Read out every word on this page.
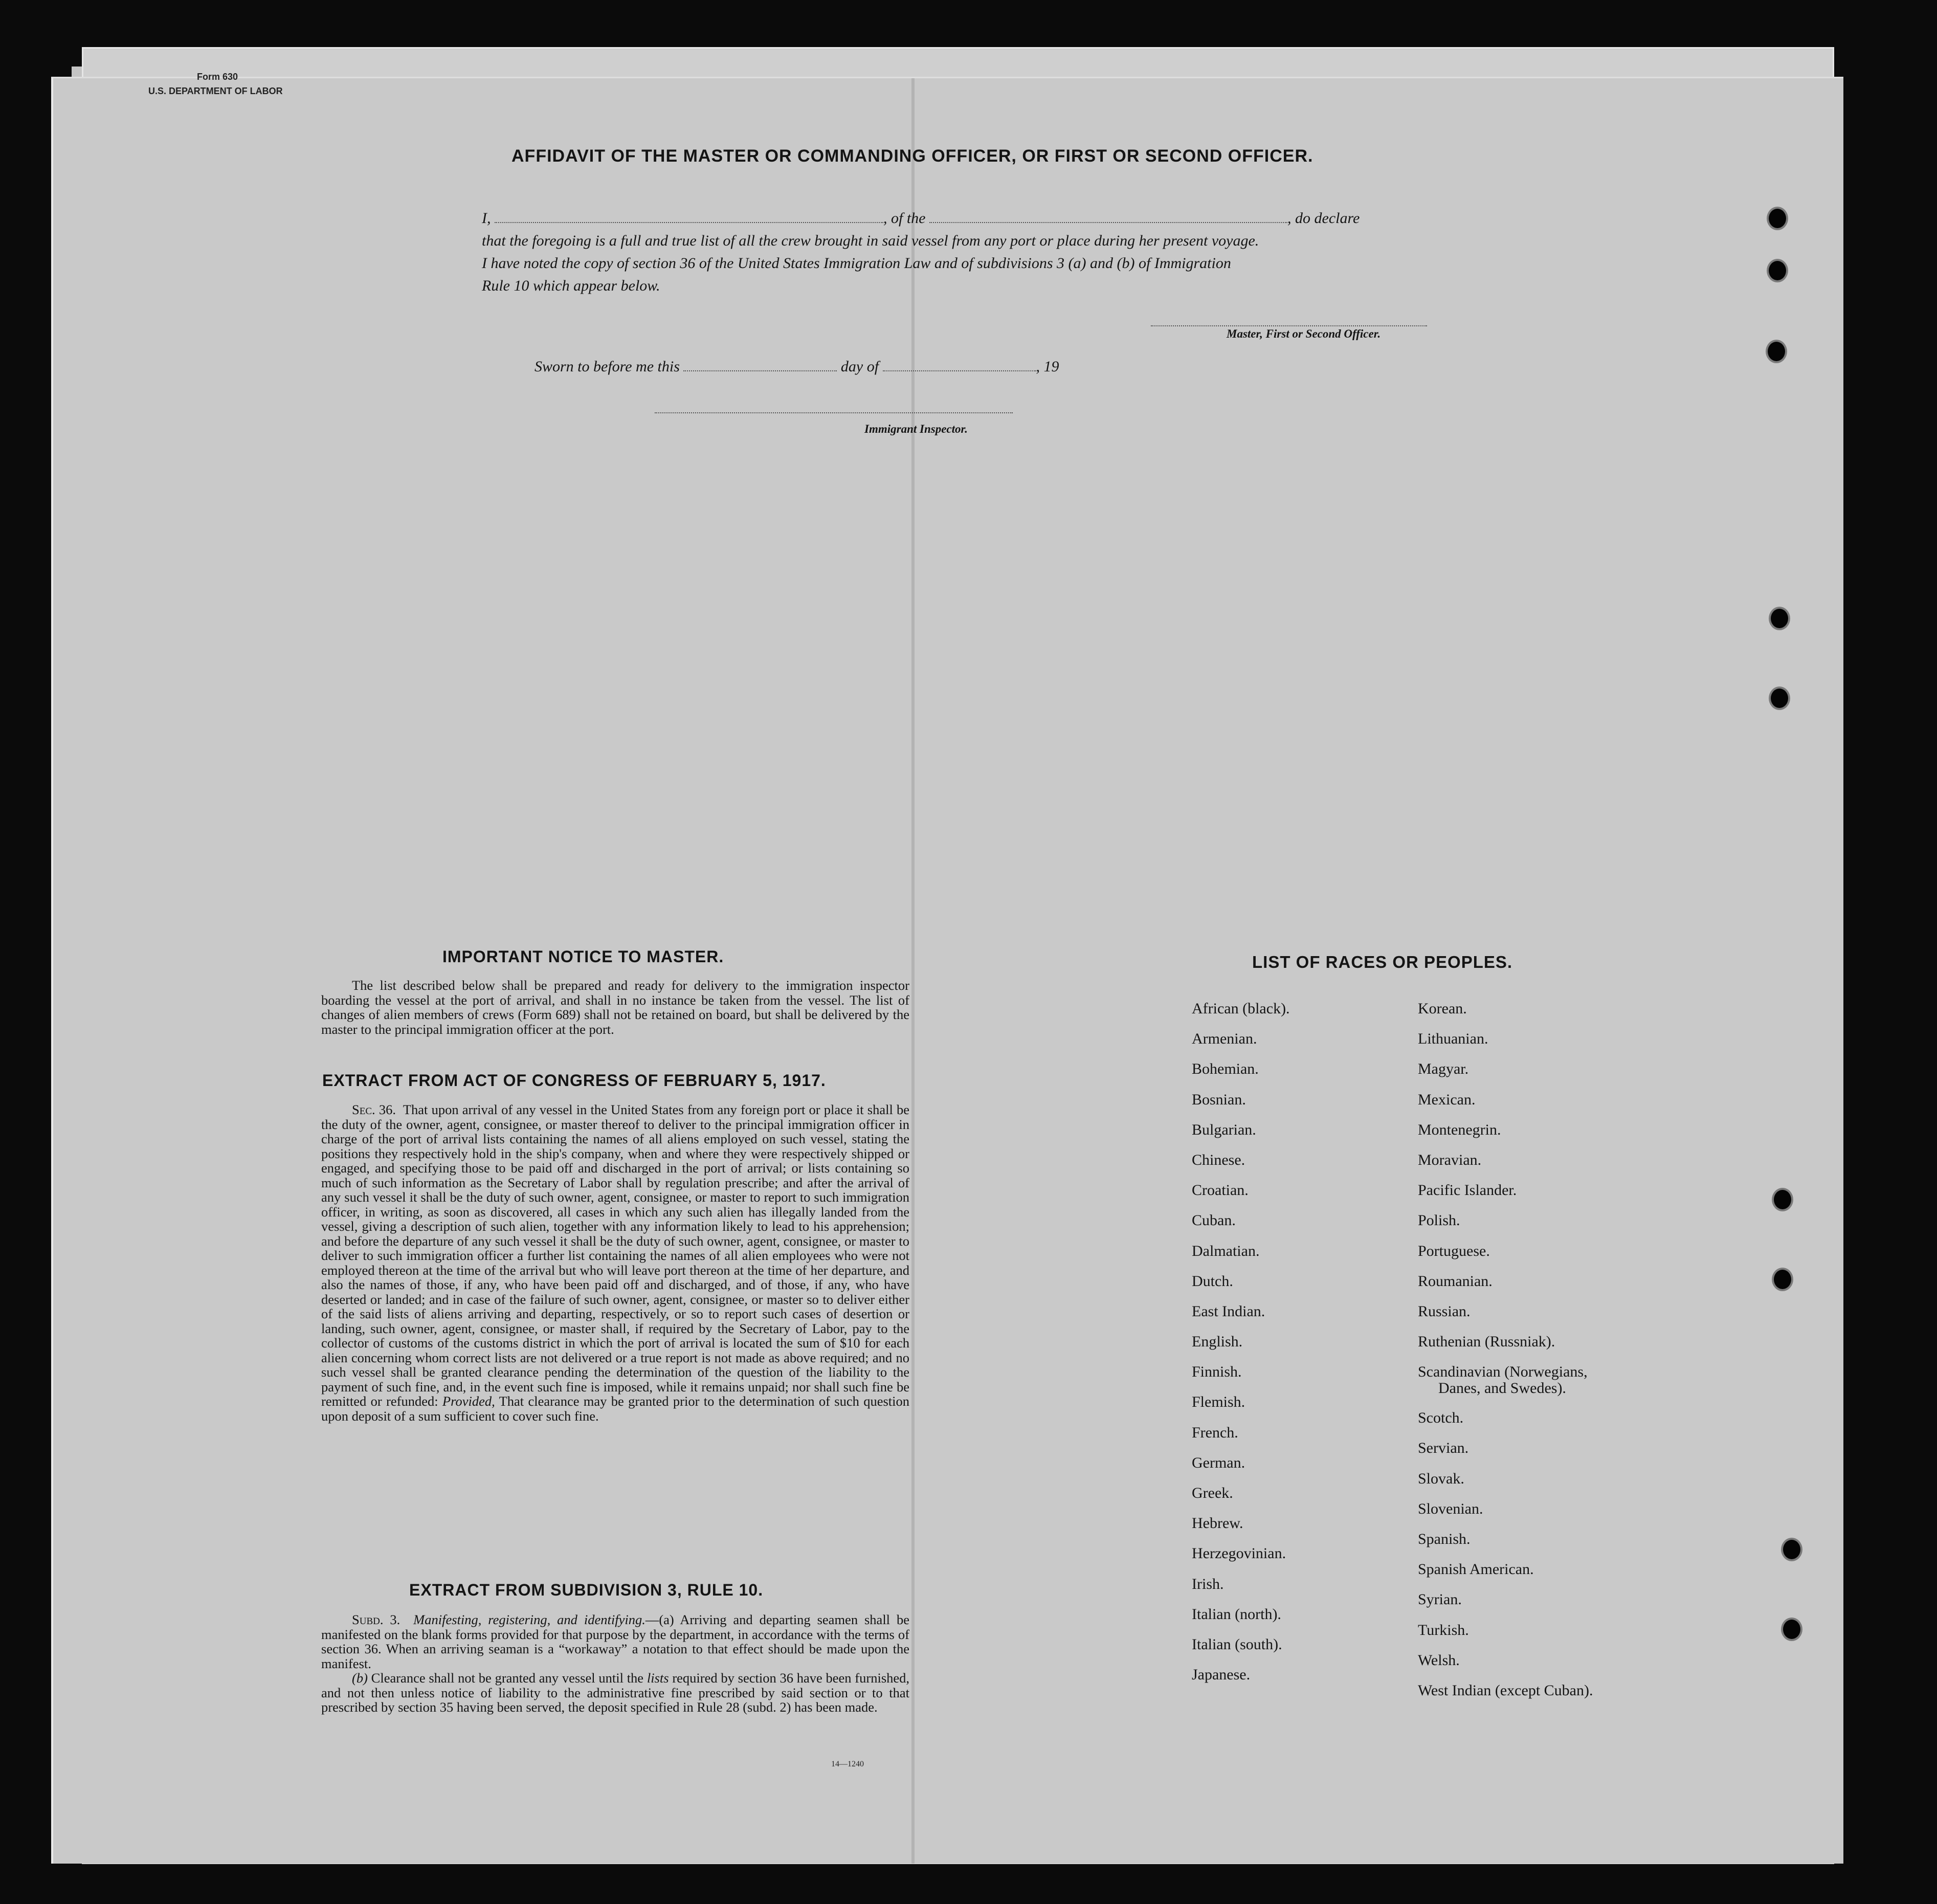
Form 630
U.S. DEPARTMENT OF LABOR
AFFIDAVIT OF THE MASTER OR COMMANDING OFFICER, OR FIRST OR SECOND OFFICER.
I,	, of the	, do declare
that the foregoing is a full and true list of all the crew brought in said vessel from any port or place during her present voyage.
I have noted the copy of section 36 of the United States Immigration Law and of subdivisions 3 (a) and (b) of Immigration
Rule 10 which appear below.
Master, First or Second Officer.
Sworn to before me this	day of	, 19
Immigrant Inspector.
IMPORTANT NOTICE TO MASTER.

The list described below shall be prepared and ready for delivery to the immigration inspector boarding the vessel at the port of arrival, and shall in no instance be taken from the vessel. The list of changes of alien members of crews (Form 689) shall not be retained on board, but shall be delivered by the master to the principal immigration officer at the port.

EXTRACT FROM ACT OF CONGRESS OF FEBRUARY 5, 1917.

Sec. 36. That upon arrival of any vessel in the United States from any foreign port or place it shall be the duty of the owner, agent, consignee, or master thereof to deliver to the principal immigration officer in charge of the port of arrival lists containing the names of all aliens employed on such vessel, stating the positions they respectively hold in the ship's company, when and where they were respectively shipped or engaged, and specifying those to be paid off and discharged in the port of arrival; or lists containing so much of such information as the Secretary of Labor shall by regulation prescribe; and after the arrival of any such vessel it shall be the duty of such owner, agent, consignee, or master to report to such immigration officer, in writing, as soon as discovered, all cases in which any such alien has illegally landed from the vessel, giving a description of such alien, together with any information likely to lead to his apprehension; and before the departure of any such vessel it shall be the duty of such owner, agent, consignee, or master to deliver to such immigration officer a further list containing the names of all alien employees who were not employed thereon at the time of the arrival but who will leave port thereon at the time of her departure, and also the names of those, if any, who have been paid off and discharged, and of those, if any, who have deserted or landed; and in case of the failure of such owner, agent, consignee, or master so to deliver either of the said lists of aliens arriving and departing, respectively, or so to report such cases of desertion or landing, such owner, agent, consignee, or master shall, if required by the Secretary of Labor, pay to the collector of customs of the customs district in which the port of arrival is located the sum of $10 for each alien concerning whom correct lists are not delivered or a true report is not made as above required; and no such vessel shall be granted clearance pending the determination of the question of the liability to the payment of such fine, and, in the event such fine is imposed, while it remains unpaid; nor shall such fine be remitted or refunded: Provided, That clearance may be granted prior to the determination of such question upon deposit of a sum sufficient to cover such fine.

EXTRACT FROM SUBDIVISION 3, RULE 10.

Subd. 3. Manifesting, registering, and identifying.—(a) Arriving and departing seamen shall be manifested on the blank forms provided for that purpose by the department, in accordance with the terms of section 36. When an arriving seaman is a “workaway” a notation to that effect should be made upon the manifest.

(b) Clearance shall not be granted any vessel until the lists required by section 36 have been furnished, and not then unless notice of liability to the administrative fine prescribed by said section or to that prescribed by section 35 having been served, the deposit specified in Rule 28 (subd. 2) has been made.

14—1240
LIST OF RACES OR PEOPLES.
African (black).
Armenian.
Bohemian.
Bosnian.
Bulgarian.
Chinese.
Croatian.
Cuban.
Dalmatian.
Dutch.
East Indian.
English.
Finnish.
Flemish.
French.
German.
Greek.
Hebrew.
Herzegovinian.
Irish.
Italian (north).
Italian (south).
Japanese.
Korean.
Lithuanian.
Magyar.
Mexican.
Montenegrin.
Moravian.
Pacific Islander.
Polish.
Portuguese.
Roumanian.
Russian.
Ruthenian (Russniak).
Scandinavian (Norwegians,
Danes, and Swedes).
Scotch.
Servian.
Slovak.
Slovenian.
Spanish.
Spanish American.
Syrian.
Turkish.
Welsh.
West Indian (except Cuban).
